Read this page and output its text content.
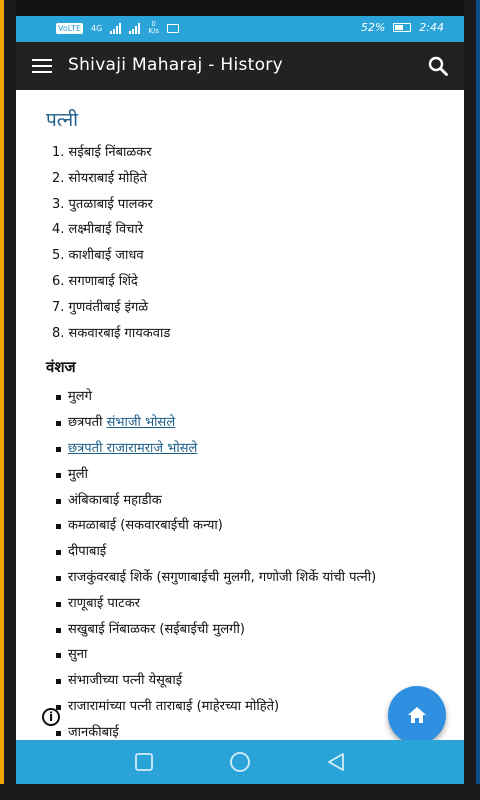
VoLTE 4G	0
K/s	52%	2:44
Shivaji Maharaj - History
पत्नी
1. सईबाई निंबाळकर
2. सोयराबाई मोहिते
3. पुतळाबाई पालकर
4. लक्ष्मीबाई विचारे
5. काशीबाई जाधव
6. सगणाबाई शिंदे
7. गुणवंतीबाई इंगळे
8. सकवारबाई गायकवाड
वंशज
मुलगे
छत्रपती संभाजी भोसले
छत्रपती राजारामराजे भोसले
मुली
अंबिकाबाई महाडीक
कमळाबाई (सकवारबाईची कन्या)
दीपाबाई
राजकुंवरबाई शिर्के (सगुणाबाईची मुलगी, गणोजी शिर्के यांची पत्नी)
राणूबाई पाटकर
सखुबाई निंबाळकर (सईबाईची मुलगी)
सुना
संभाजीच्या पत्नी येसूबाई
राजारामांच्या पत्नी ताराबाई (माहेरच्या मोहिते)
जानकीबाई
i
